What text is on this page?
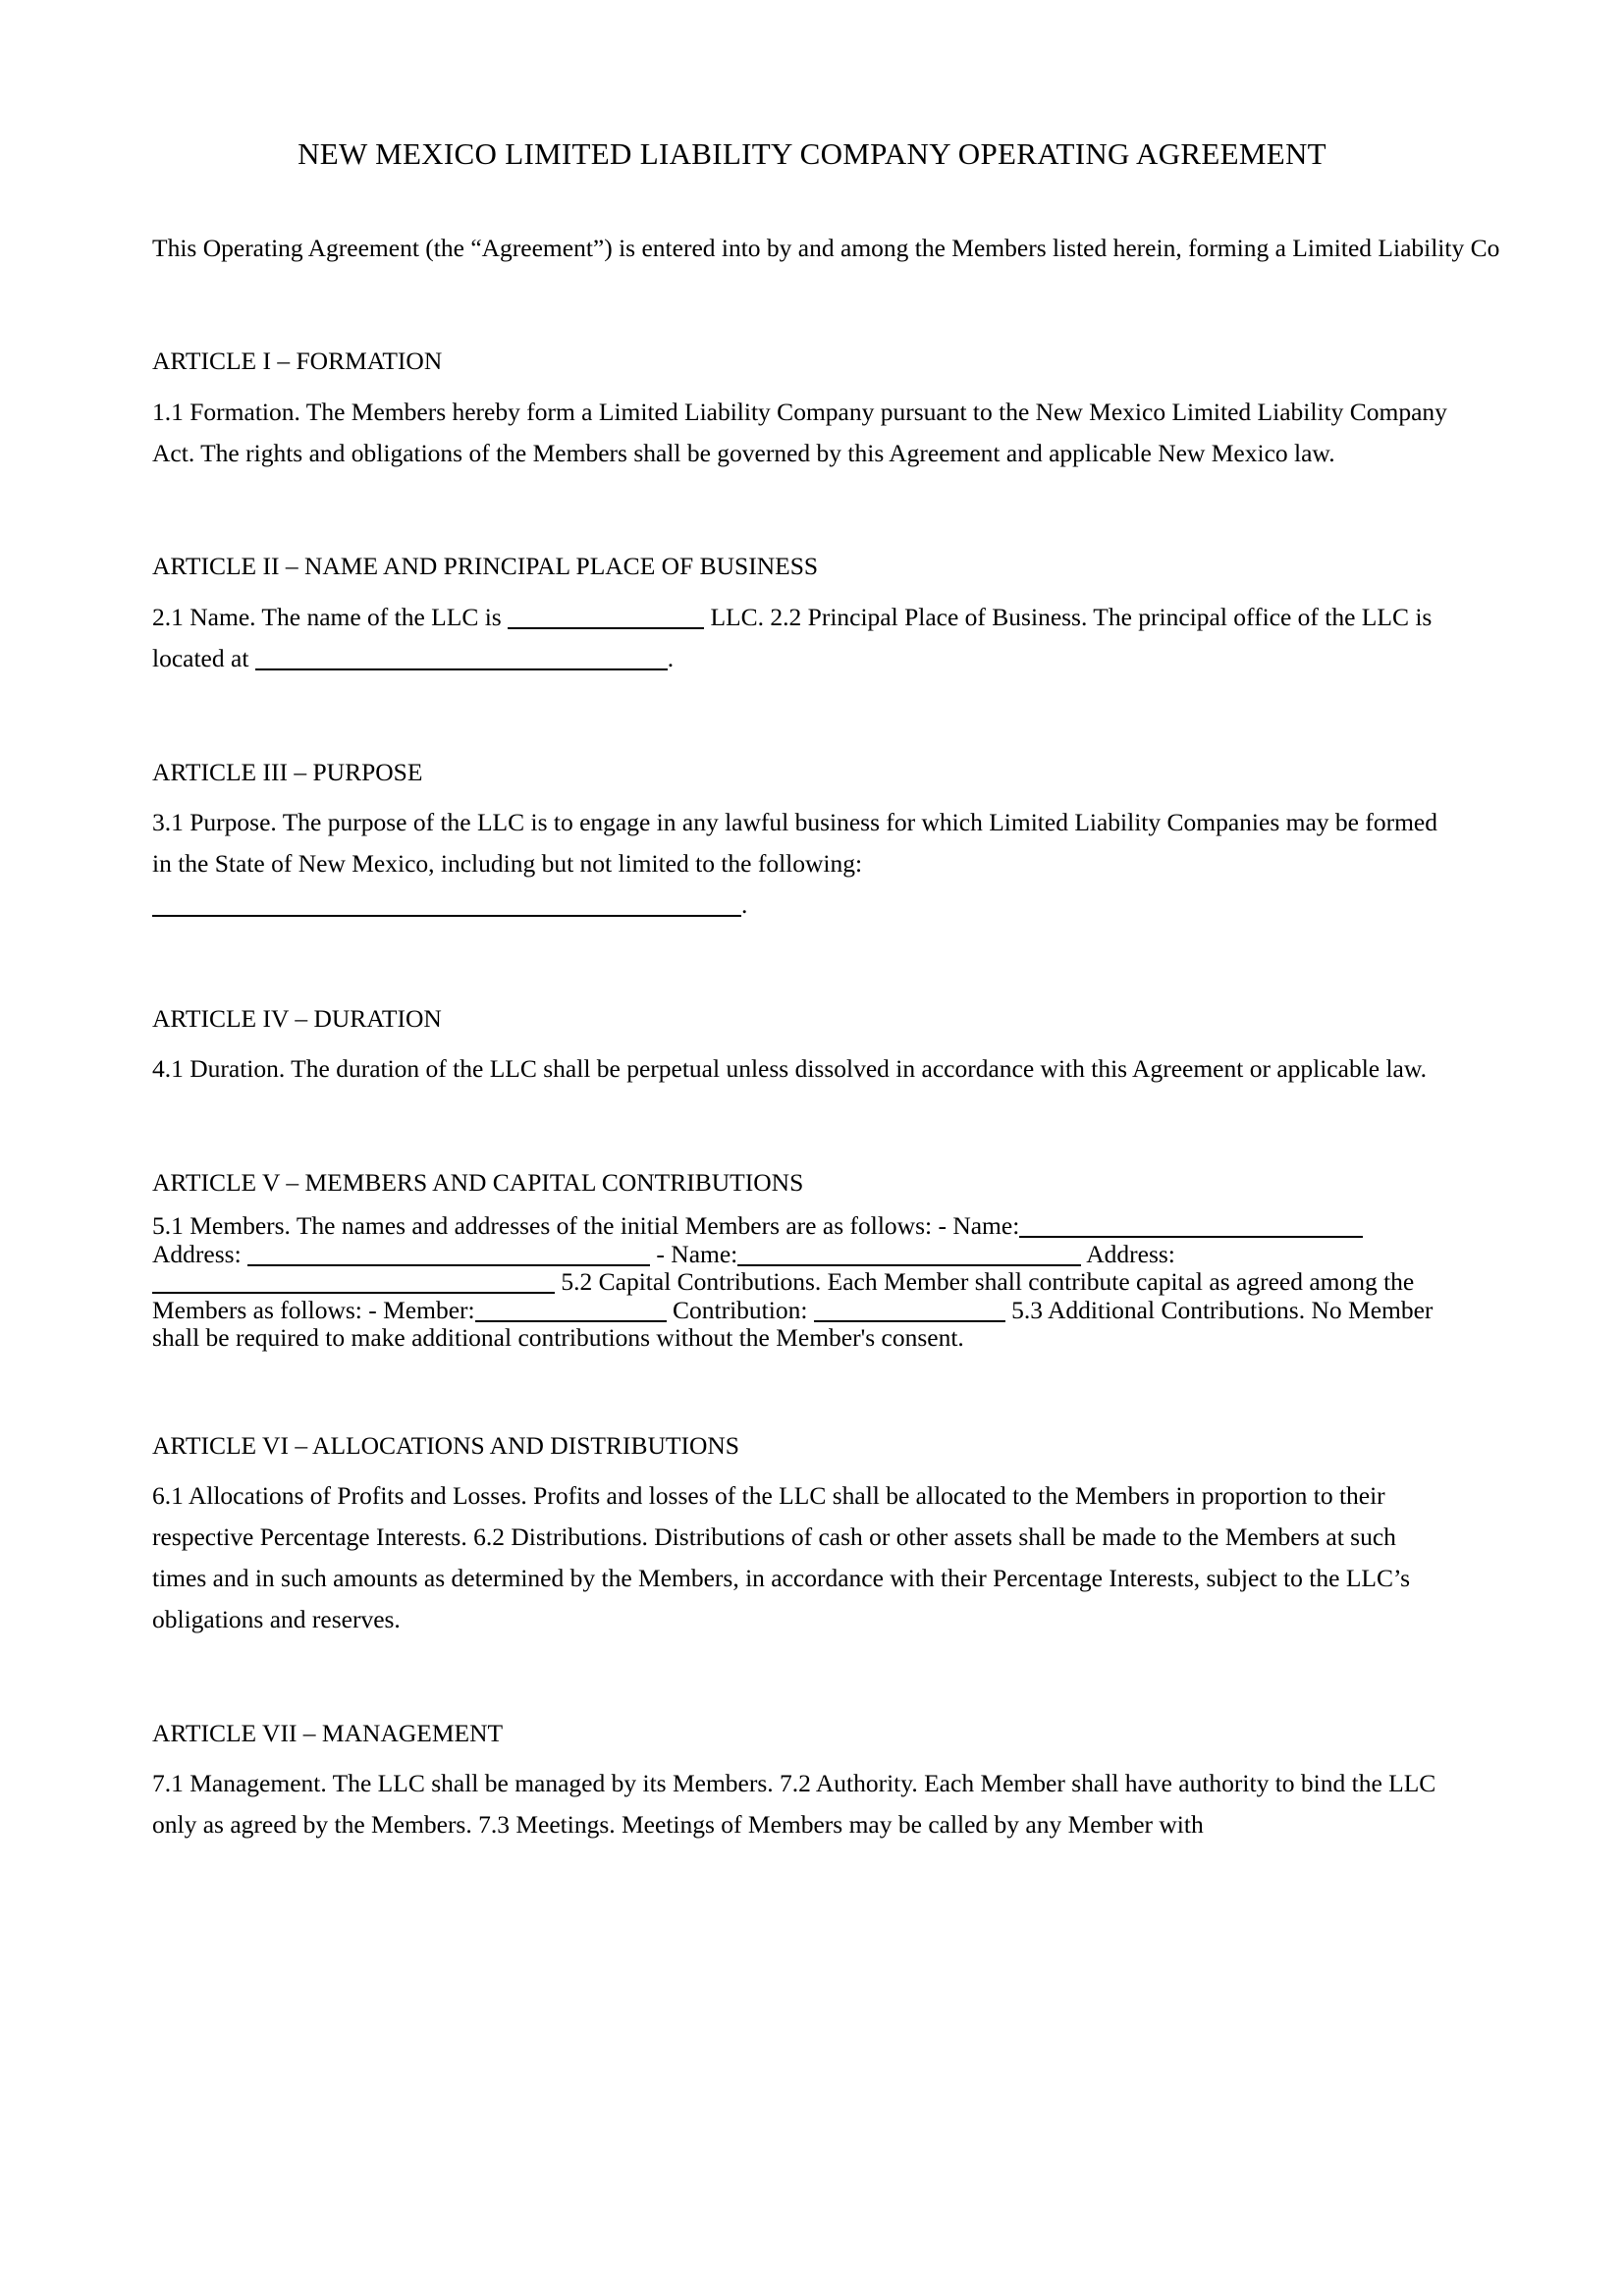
NEW MEXICO LIMITED LIABILITY COMPANY OPERATING AGREEMENT

This Operating Agreement (the “Agreement”) is entered into by and among the Members listed herein, forming a Limited Liability Co

ARTICLE I – FORMATION

1.1 Formation. The Members hereby form a Limited Liability Company pursuant to the New Mexico Limited Liability Company Act. The rights and obligations of the Members shall be governed by this Agreement and applicable New Mexico law.

ARTICLE II – NAME AND PRINCIPAL PLACE OF BUSINESS

2.1 Name. The name of the LLC is	LLC. 2.2 Principal Place of Business. The principal office of the LLC is located at	.

ARTICLE III – PURPOSE

3.1 Purpose. The purpose of the LLC is to engage in any lawful business for which Limited Liability Companies may be formed in the State of New Mexico, including but not limited to the following: .

ARTICLE IV – DURATION

4.1 Duration. The duration of the LLC shall be perpetual unless dissolved in accordance with this Agreement or applicable law.

ARTICLE V – MEMBERS AND CAPITAL CONTRIBUTIONS

5.1 Members. The names and addresses of the initial Members are as follows: - Name: Address:	- Name:	Address:  5.2 Capital Contributions. Each Member shall contribute capital as agreed among the Members as follows: - Member:	Contribution:	5.3 Additional Contributions. No Member shall be required to make additional contributions without the Member's consent.

ARTICLE VI – ALLOCATIONS AND DISTRIBUTIONS

6.1 Allocations of Profits and Losses. Profits and losses of the LLC shall be allocated to the Members in proportion to their respective Percentage Interests. 6.2 Distributions. Distributions of cash or other assets shall be made to the Members at such times and in such amounts as determined by the Members, in accordance with their Percentage Interests, subject to the LLC’s obligations and reserves.

ARTICLE VII – MANAGEMENT

7.1 Management. The LLC shall be managed by its Members. 7.2 Authority. Each Member shall have authority to bind the LLC only as agreed by the Members. 7.3 Meetings. Meetings of Members may be called by any Member with
